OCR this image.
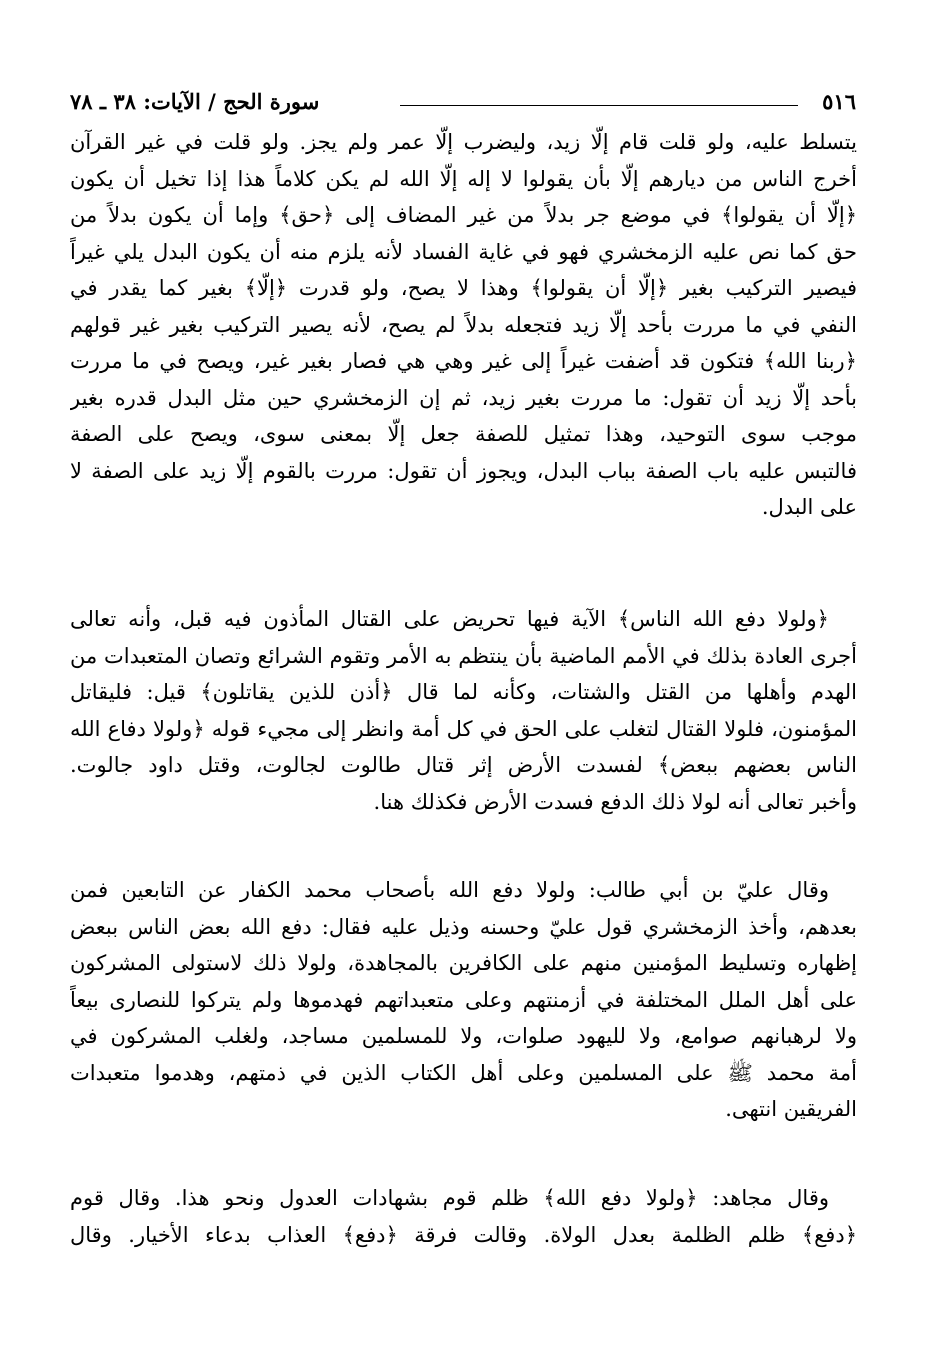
٥١٦
سورة الحج / الآيات: ٣٨ ـ ٧٨
يتسلط عليه، ولو قلت قام إلّا زيد، وليضرب إلّا عمر ولم يجز. ولو قلت في غير القرآن
أخرج الناس من ديارهم إلّا بأن يقولوا لا إله إلّا الله لم يكن كلاماً هذا إذا تخيل أن يكون
﴿إلّا أن يقولوا﴾ في موضع جر بدلاً من غير المضاف إلى ﴿حق﴾ وإما أن يكون بدلاً من
حق كما نص عليه الزمخشري فهو في غاية الفساد لأنه يلزم منه أن يكون البدل يلي غيراً
فيصير التركيب بغير ﴿إلّا أن يقولوا﴾ وهذا لا يصح، ولو قدرت ﴿إلّا﴾ بغير كما يقدر في
النفي في ما مررت بأحد إلّا زيد فتجعله بدلاً لم يصح، لأنه يصير التركيب بغير غير قولهم
﴿ربنا الله﴾ فتكون قد أضفت غيراً إلى غير وهي هي فصار بغير غير، ويصح في ما مررت
بأحد إلّا زيد أن تقول: ما مررت بغير زيد، ثم إن الزمخشري حين مثل البدل قدره بغير
موجب سوى التوحيد، وهذا تمثيل للصفة جعل إلّا بمعنى سوى، ويصح على الصفة
فالتبس عليه باب الصفة بباب البدل، ويجوز أن تقول: مررت بالقوم إلّا زيد على الصفة لا
على البدل.
﴿ولولا دفع الله الناس﴾ الآية فيها تحريض على القتال المأذون فيه قبل، وأنه تعالى
أجرى العادة بذلك في الأمم الماضية بأن ينتظم به الأمر وتقوم الشرائع وتصان المتعبدات من
الهدم وأهلها من القتل والشتات، وكأنه لما قال ﴿أذن للذين يقاتلون﴾ قيل: فليقاتل
المؤمنون، فلولا القتال لتغلب على الحق في كل أمة وانظر إلى مجيء قوله ﴿ولولا دفاع الله
الناس بعضهم ببعض﴾ لفسدت الأرض إثر قتال طالوت لجالوت، وقتل داود جالوت.
وأخبر تعالى أنه لولا ذلك الدفع فسدت الأرض فكذلك هنا.
وقال عليّ بن أبي طالب: ولولا دفع الله بأصحاب محمد الكفار عن التابعين فمن
بعدهم، وأخذ الزمخشري قول عليّ وحسنه وذيل عليه فقال: دفع الله بعض الناس ببعض
إظهاره وتسليط المؤمنين منهم على الكافرين بالمجاهدة، ولولا ذلك لاستولى المشركون
على أهل الملل المختلفة في أزمنتهم وعلى متعبداتهم فهدموها ولم يتركوا للنصارى بيعاً
ولا لرهبانهم صوامع، ولا لليهود صلوات، ولا للمسلمين مساجد، ولغلب المشركون في
أمة محمد ﷺ على المسلمين وعلى أهل الكتاب الذين في ذمتهم، وهدموا متعبدات
الفريقين انتهى.
وقال مجاهد: ﴿ولولا دفع الله﴾ ظلم قوم بشهادات العدول ونحو هذا. وقال قوم
﴿دفع﴾ ظلم الظلمة بعدل الولاة. وقالت فرقة ﴿دفع﴾ العذاب بدعاء الأخيار. وقال
